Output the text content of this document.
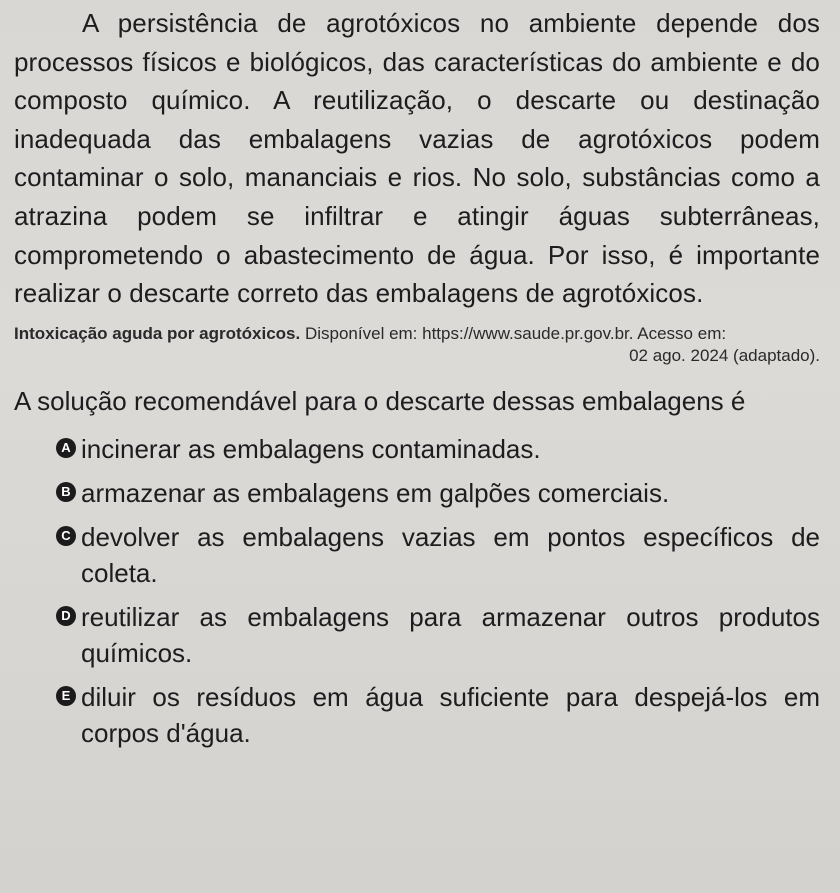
A persistência de agrotóxicos no ambiente depende dos processos físicos e biológicos, das características do ambiente e do composto químico. A reutilização, o descarte ou destinação inadequada das embalagens vazias de agrotóxicos podem contaminar o solo, mananciais e rios. No solo, substâncias como a atrazina podem se infiltrar e atingir águas subterrâneas, comprometendo o abastecimento de água. Por isso, é importante realizar o descarte correto das embalagens de agrotóxicos.

Intoxicação aguda por agrotóxicos. Disponível em: https://www.saude.pr.gov.br. Acesso em:
02 ago. 2024 (adaptado).

A solução recomendável para o descarte dessas embalagens é

A incinerar as embalagens contaminadas.
B armazenar as embalagens em galpões comerciais.
C devolver as embalagens vazias em pontos específicos de coleta.
D reutilizar as embalagens para armazenar outros produtos químicos.
E diluir os resíduos em água suficiente para despejá-los em corpos d'água.
